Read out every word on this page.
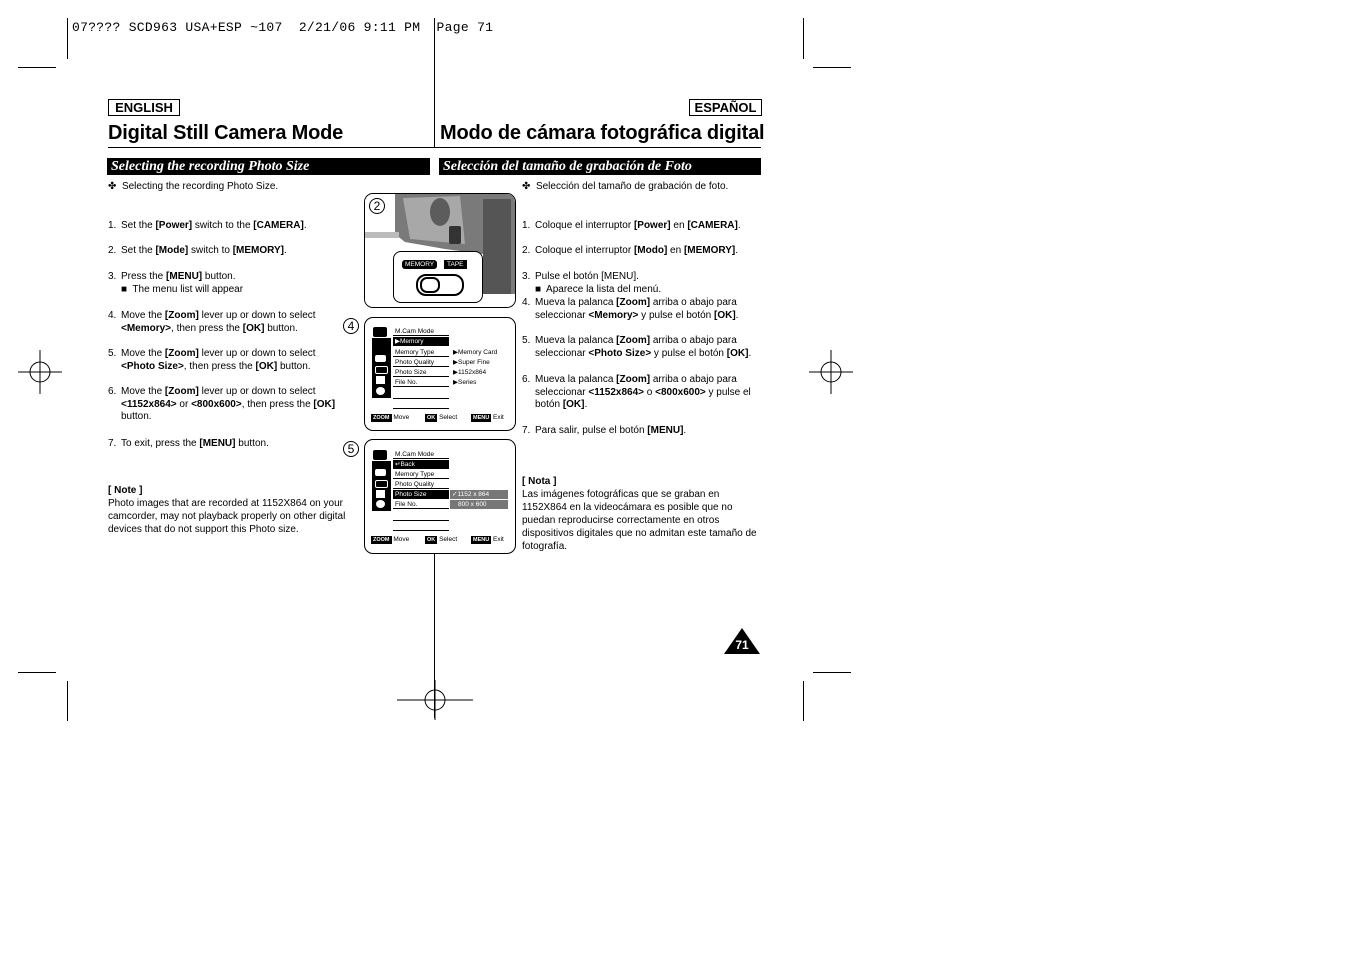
07???? SCD963 USA+ESP ~107  2/21/06 9:11 PM  Page 71
ENGLISH	ESPAÑOL
Digital Still Camera Mode	Modo de cámara fotográfica digital
Selecting the recording Photo Size	Selección del tamaño de grabación de Foto
✤ Selecting the recording Photo Size.
1. Set the [Power] switch to the [CAMERA].
2. Set the [Mode] switch to [MEMORY].
3. Press the [MENU] button.
■  The menu list will appear
4. Move the [Zoom] lever up or down to select
<Memory>, then press the [OK] button.
5. Move the [Zoom] lever up or down to select
<Photo Size>, then press the [OK] button.
6. Move the [Zoom] lever up or down to select
<1152x864> or <800x600>, then press the [OK]
button.
7. To exit, press the [MENU] button.
[ Note ]
Photo images that are recorded at 1152X864 on your
camcorder, may not playback properly on other digital
devices that do not support this Photo size.
✤ Selección del tamaño de grabación de foto.
1. Coloque el interruptor [Power] en [CAMERA].
2. Coloque el interruptor [Modo] en [MEMORY].
3. Pulse el botón [MENU].
■  Aparece la lista del menú.
4. Mueva la palanca [Zoom] arriba o abajo para
seleccionar <Memory> y pulse el botón [OK].
5. Mueva la palanca [Zoom] arriba o abajo para
seleccionar <Photo Size> y pulse el botón [OK].
6. Mueva la palanca [Zoom] arriba o abajo para
seleccionar <1152x864> o <800x600> y pulse el
botón [OK].
7. Para salir, pulse el botón [MENU].
[ Nota ]
Las imágenes fotográficas que se graban en
1152X864 en la videocámara es posible que no
puedan reproducirse correctamente en otros
dispositivos digitales que no admitan este tamaño de
fotografía.
2
MEMORY	TAPE
4	M.Cam Mode
▶Memory
Memory Type
Photo Quality
Photo Size
File No.
▶Memory Card
▶Super Fine
▶1152x864
▶Series
ZOOM Move	OK Select	MENU Exit
5	M.Cam Mode
↵Back
Memory Type
Photo Quality
Photo Size
File No.
✓1152 x 864
800 x 600
ZOOM Move	OK Select	MENU Exit
71
